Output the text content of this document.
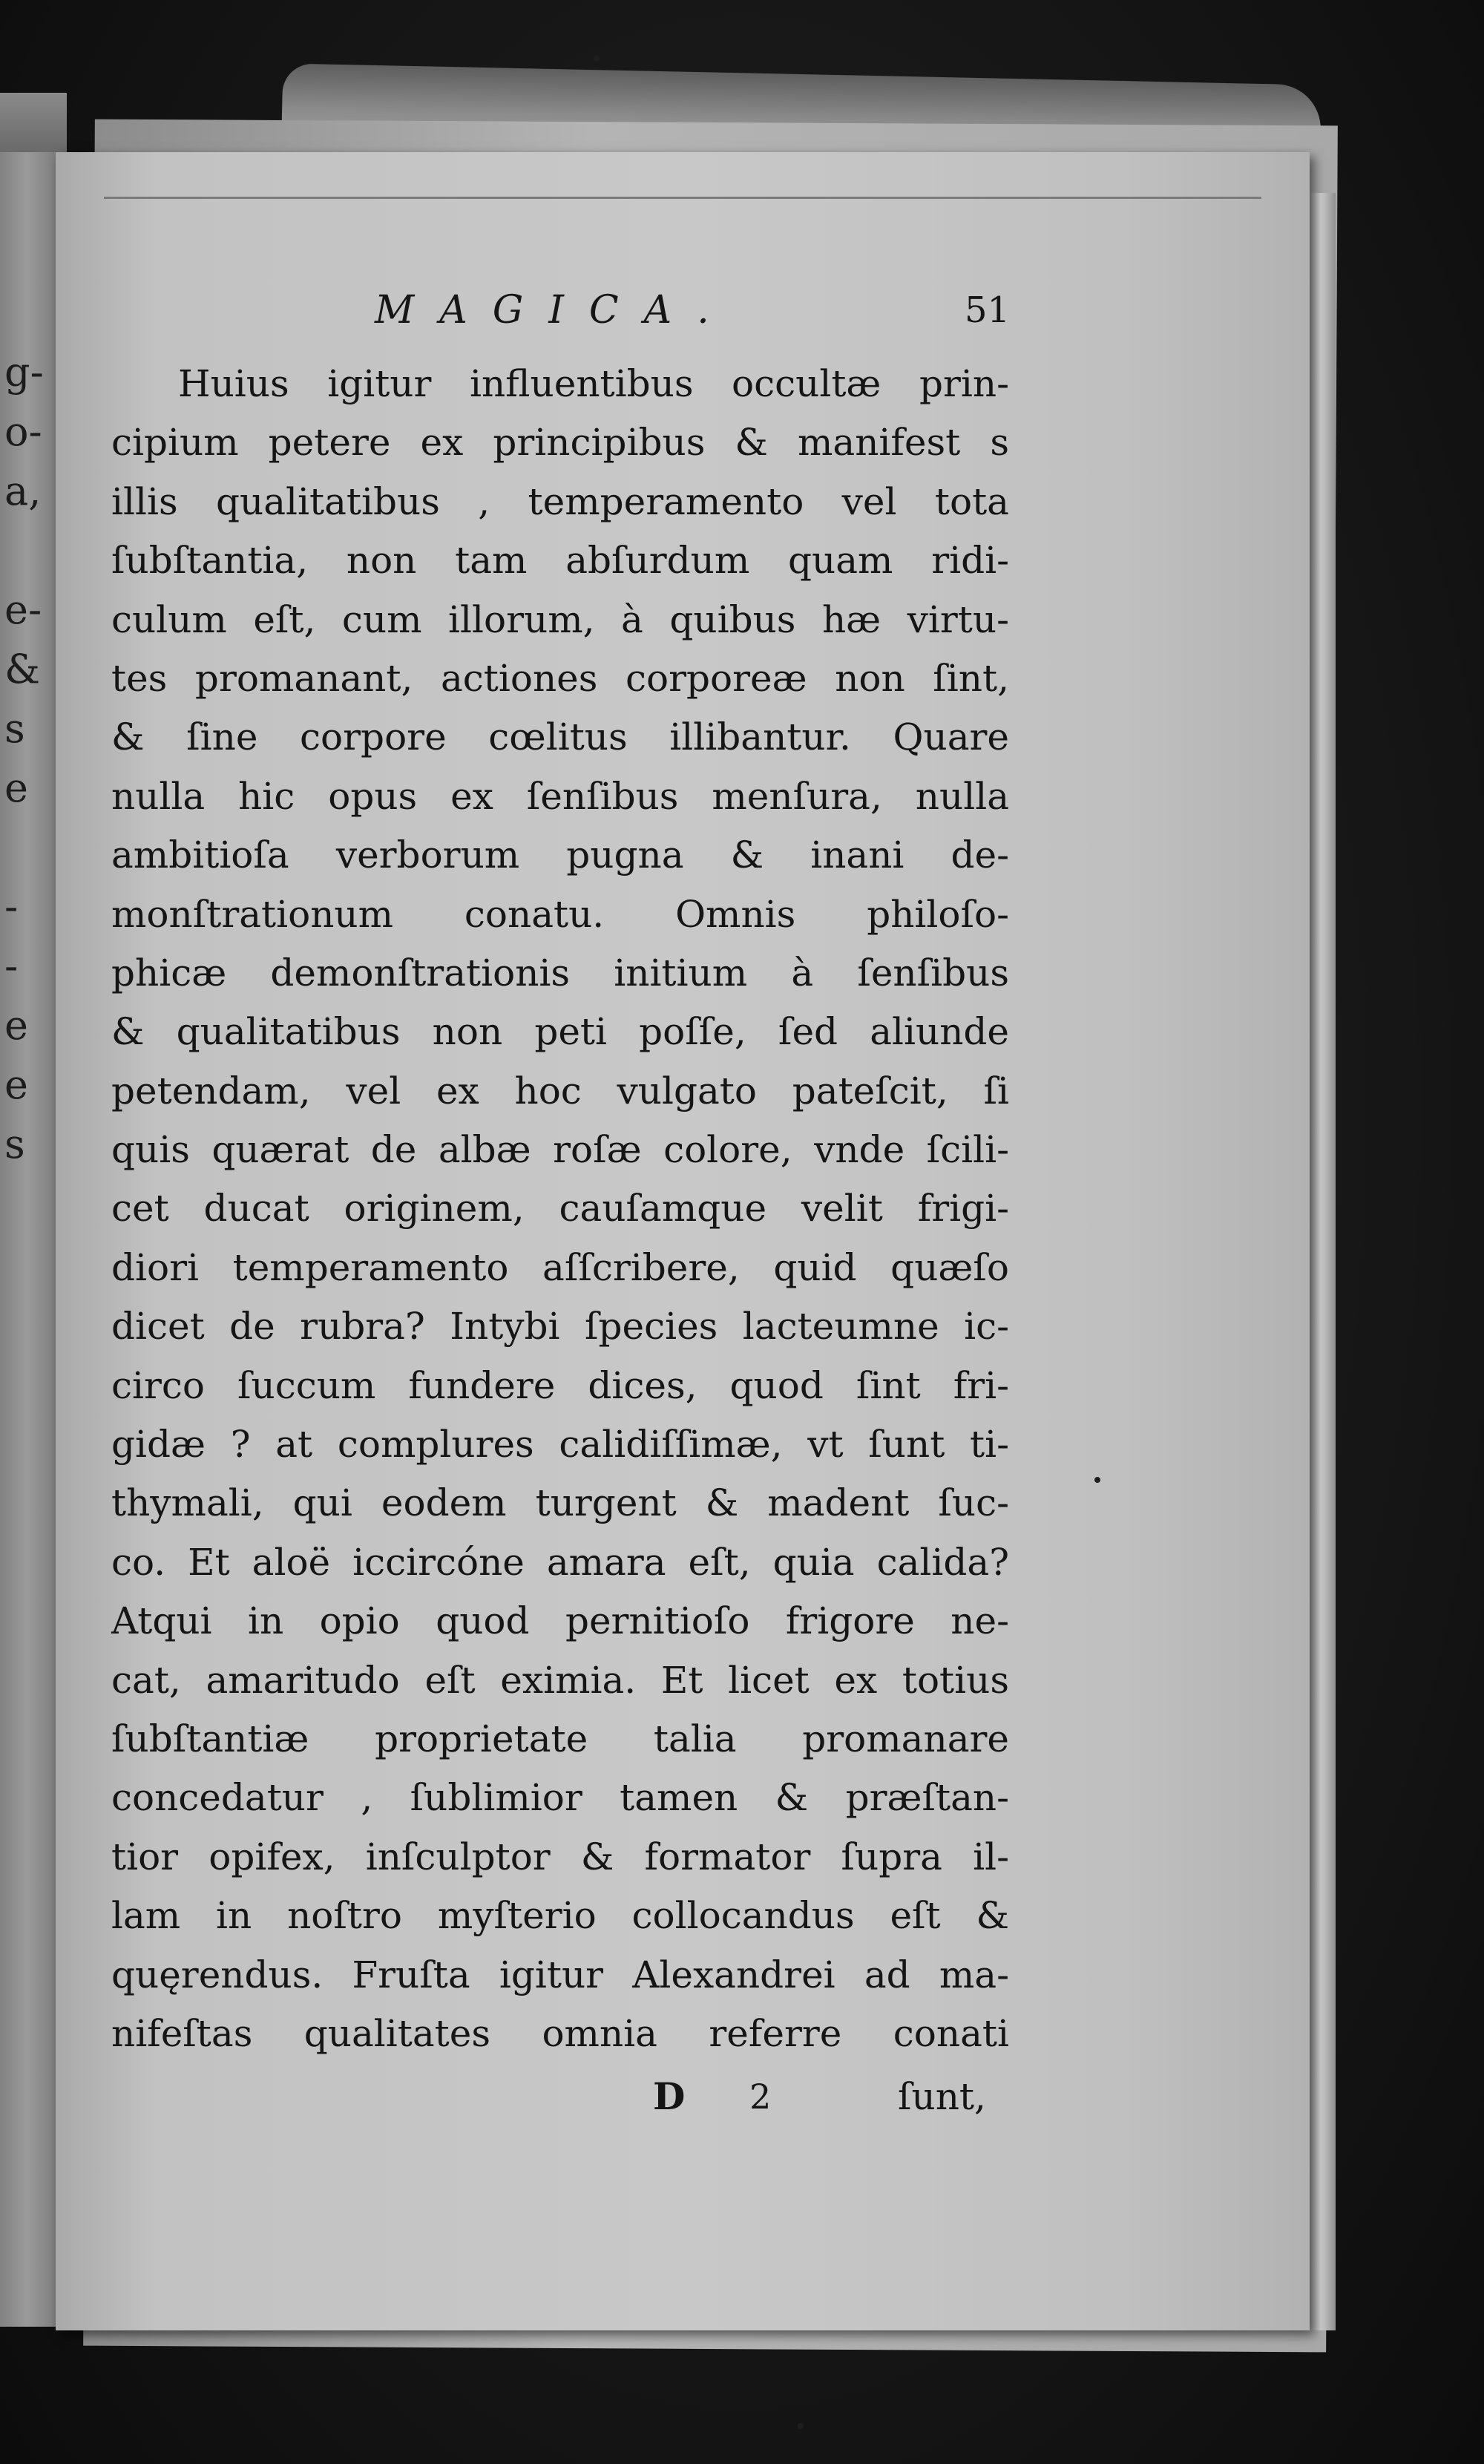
g-
o-
a,
e-
&
s
e
-
-
e
e
s
MAGICA.	51
Huius igitur influentibus occultæ prin-
cipium petere ex principibus & manifest s
illis qualitatibus , temperamento vel tota
ſubſtantia, non tam abſurdum quam ridi-
culum eſt, cum illorum, à quibus hæ virtu-
tes promanant, actiones corporeæ non ſint,
& ſine corpore cœlitus illibantur. Quare
nulla hic opus ex ſenſibus menſura, nulla
ambitioſa verborum pugna & inani de-
monſtrationum conatu. Omnis philoſo-
phicæ demonſtrationis initium à ſenſibus
& qualitatibus non peti poſſe, ſed aliunde
petendam, vel ex hoc vulgato pateſcit, ſi
quis quærat de albæ roſæ colore, vnde ſcili-
cet ducat originem, cauſamque velit frigi-
diori temperamento aſſcribere, quid quæſo
dicet de rubra? Intybi ſpecies lacteumne ic-
circo ſuccum fundere dices, quod ſint fri-
gidæ ? at complures calidiſſimæ, vt ſunt ti-
thymali, qui eodem turgent & madent ſuc-
co. Et aloë iccircóne amara eſt, quia calida?
Atqui in opio quod pernitioſo frigore ne-
cat, amaritudo eſt eximia. Et licet ex totius
ſubſtantiæ proprietate talia promanare
concedatur , ſublimior tamen & præſtan-
tior opifex, inſculptor & formator ſupra il-
lam in noſtro myſterio collocandus eſt &
quęrendus. Fruſta igitur Alexandrei ad ma-
nifeſtas qualitates omnia referre conati
D 2	ſunt,
